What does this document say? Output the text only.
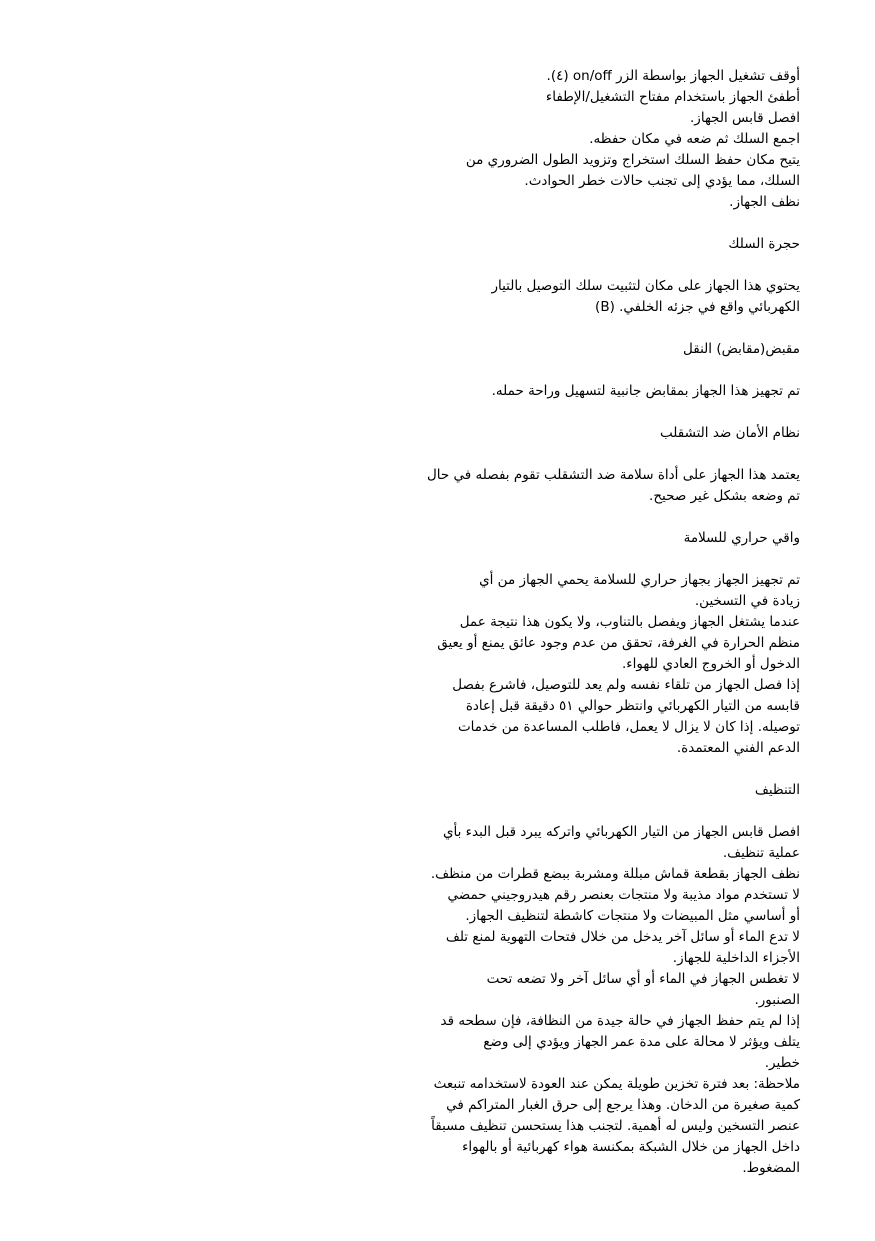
أوقف تشغيل الجهاز بواسطة الزر on/off (٤).
أطفئ الجهاز باستخدام مفتاح التشغيل/الإطفاء
افصل قابس الجهاز.
اجمع السلك ثم ضعه في مكان حفظه.
يتيح مكان حفظ السلك استخراج وتزويد الطول الضروري من
السلك، مما يؤدي إلى تجنب حالات خطر الحوادث.
نظف الجهاز.
حجرة السلك
يحتوي هذا الجهاز على مكان لتثبيت سلك التوصيل بالتيار
الكهربائي واقع في جزئه الخلفي. (B)
مقبض(مقابض) النقل
تم تجهيز هذا الجهاز بمقابض جانبية لتسهيل وراحة حمله.
نظام الأمان ضد التشقلب
يعتمد هذا الجهاز على أداة سلامة ضد التشقلب تقوم بفصله في حال
تم وضعه بشكل غير صحيح.
واقي حراري للسلامة
تم تجهيز الجهاز بجهاز حراري للسلامة يحمي الجهاز من أي
زيادة في التسخين.
عندما يشتغل الجهاز ويفصل بالتناوب، ولا يكون هذا نتيجة عمل
منظم الحرارة في الغرفة، تحقق من عدم وجود عائق يمنع أو يعيق
الدخول أو الخروج العادي للهواء.
إذا فصل الجهاز من تلقاء نفسه ولم يعد للتوصيل، فاشرع بفصل
قابسه من التيار الكهربائي وانتظر حوالي ٥١ دقيقة قبل إعادة
توصيله. إذا كان لا يزال لا يعمل، فاطلب المساعدة من خدمات
الدعم الفني المعتمدة.
التنظيف
افصل قابس الجهاز من التيار الكهربائي واتركه يبرد قبل البدء بأي
عملية تنظيف.
نظف الجهاز بقطعة قماش مبللة ومشربة ببضع قطرات من منظف.
لا تستخدم مواد مذيبة ولا منتجات بعنصر رقم هيدروجيني حمضي
أو أساسي مثل المبيضات ولا منتجات كاشطة لتنظيف الجهاز.
لا تدع الماء أو سائل آخر يدخل من خلال فتحات التهوية لمنع تلف
الأجزاء الداخلية للجهاز.
لا تغطس الجهاز في الماء أو أي سائل آخر ولا تضعه تحت
الصنبور.
إذا لم يتم حفظ الجهاز في حالة جيدة من النظافة، فإن سطحه قد
يتلف ويؤثر لا محالة على مدة عمر الجهاز ويؤدي إلى وضع
خطير.
ملاحظة: بعد فترة تخزين طويلة يمكن عند العودة لاستخدامه تنبعث
كمية صغيرة من الدخان. وهذا يرجع إلى حرق الغبار المتراكم في
عنصر التسخين وليس له أهمية. لتجنب هذا يستحسن تنظيف مسبقاً
داخل الجهاز من خلال الشبكة بمكنسة هواء كهربائية أو بالهواء
المضغوط.
